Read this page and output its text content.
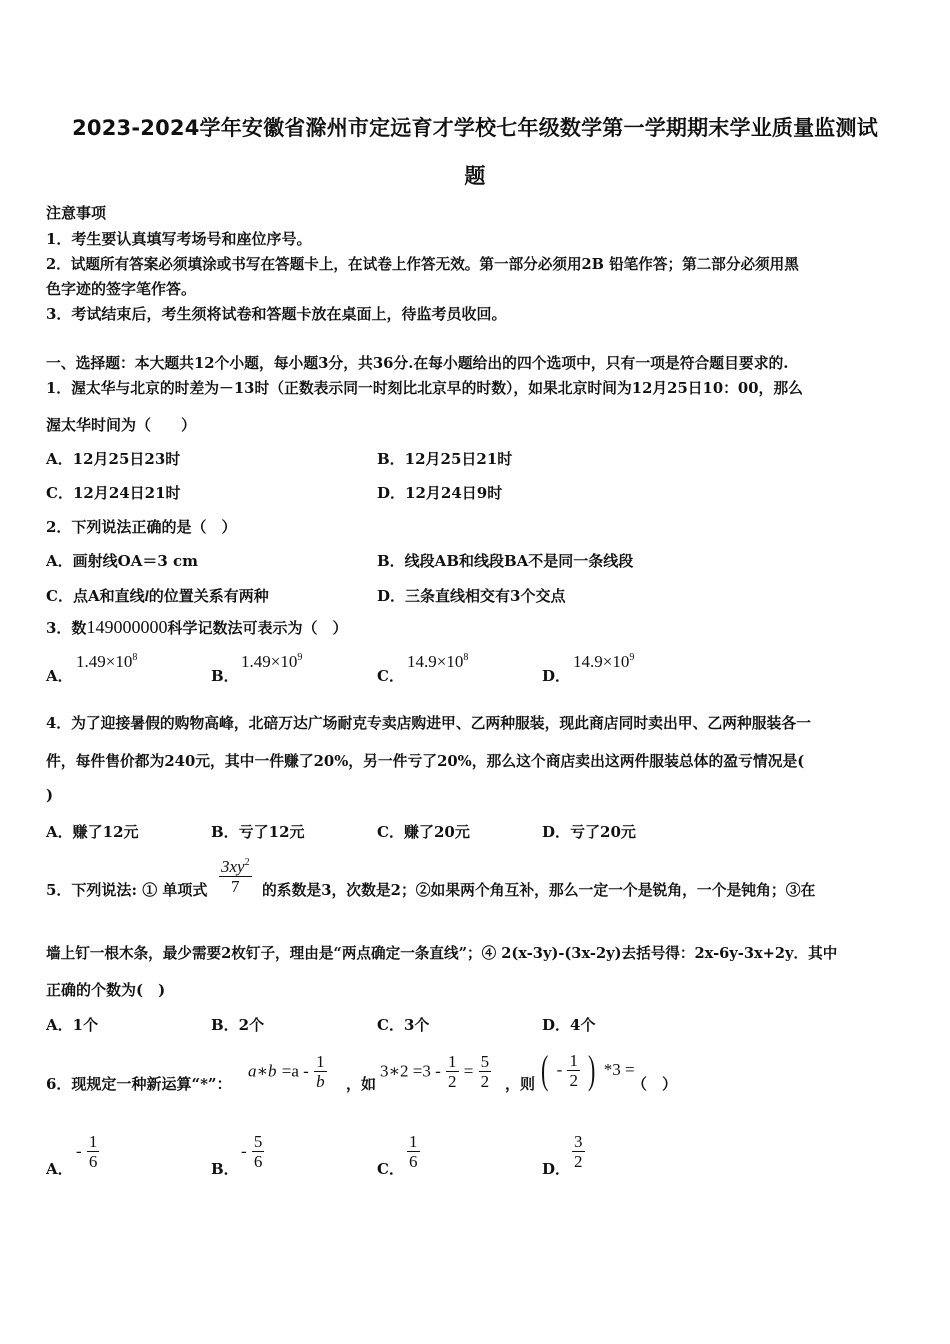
2023-2024学年安徽省滁州市定远育才学校七年级数学第一学期期末学业质量监测试
题
注意事项
1．考生要认真填写考场号和座位序号。
2．试题所有答案必须填涂或书写在答题卡上，在试卷上作答无效。第一部分必须用2B 铅笔作答；第二部分必须用黑
色字迹的签字笔作答。
3．考试结束后，考生须将试卷和答题卡放在桌面上，待监考员收回。
一、选择题：本大题共12个小题，每小题3分，共36分.在每小题给出的四个选项中，只有一项是符合题目要求的.
1．渥太华与北京的时差为－13时（正数表示同一时刻比北京早的时数），如果北京时间为12月25日10：00，那么
渥太华时间为（　　）
A．12月25日23时	B．12月25日21时
C．12月24日21时	D．12月24日9时
2．下列说法正确的是（　）
A．画射线OA＝3 cm	B．线段AB和线段BA不是同一条线段
C．点A和直线l的位置关系有两种	D．三条直线相交有3个交点
3．数149000000科学记数法可表示为（　）
A．
$1.49\times 10^8$
B．
$1.49\times 10^9$
C．
$14.9\times 10^8$
D．
$14.9\times 10^9$
4．为了迎接暑假的购物高峰，北碚万达广场耐克专卖店购进甲、乙两种服装，现此商店同时卖出甲、乙两种服装各一
件，每件售价都为240元，其中一件赚了20%，另一件亏了20%，那么这个商店卖出这两件服装总体的盈亏情况是(
)
A．赚了12元	B．亏了12元	C．赚了20元	D．亏了20元
5．下列说法: ① 单项式 $\frac{3xy^2}{7}$ 的系数是3，次数是2；②如果两个角互补，那么一定一个是锐角，一个是钝角；③在
墙上钉一根木条，最少需要2枚钉子，理由是“两点确定一条直线”；④ 2(x-3y)-(3x-2y)去括号得：2x-6y-3x+2y．其中
正确的个数为(　)
A．1个	B．2个	C．3个	D．4个
6．现规定一种新运算“*”：
a∗b $=a - \frac{1}{b}$ ，如
3∗2 $=3 - \frac{1}{2} = \frac{5}{2}$ ，则 ( - $\frac{1}{2}$ ) *3 =
（　）
A．
- $\frac{1}{6}$	B．
- $\frac{5}{6}$	C． $\frac{1}{6}$	D． $\frac{3}{2}$
